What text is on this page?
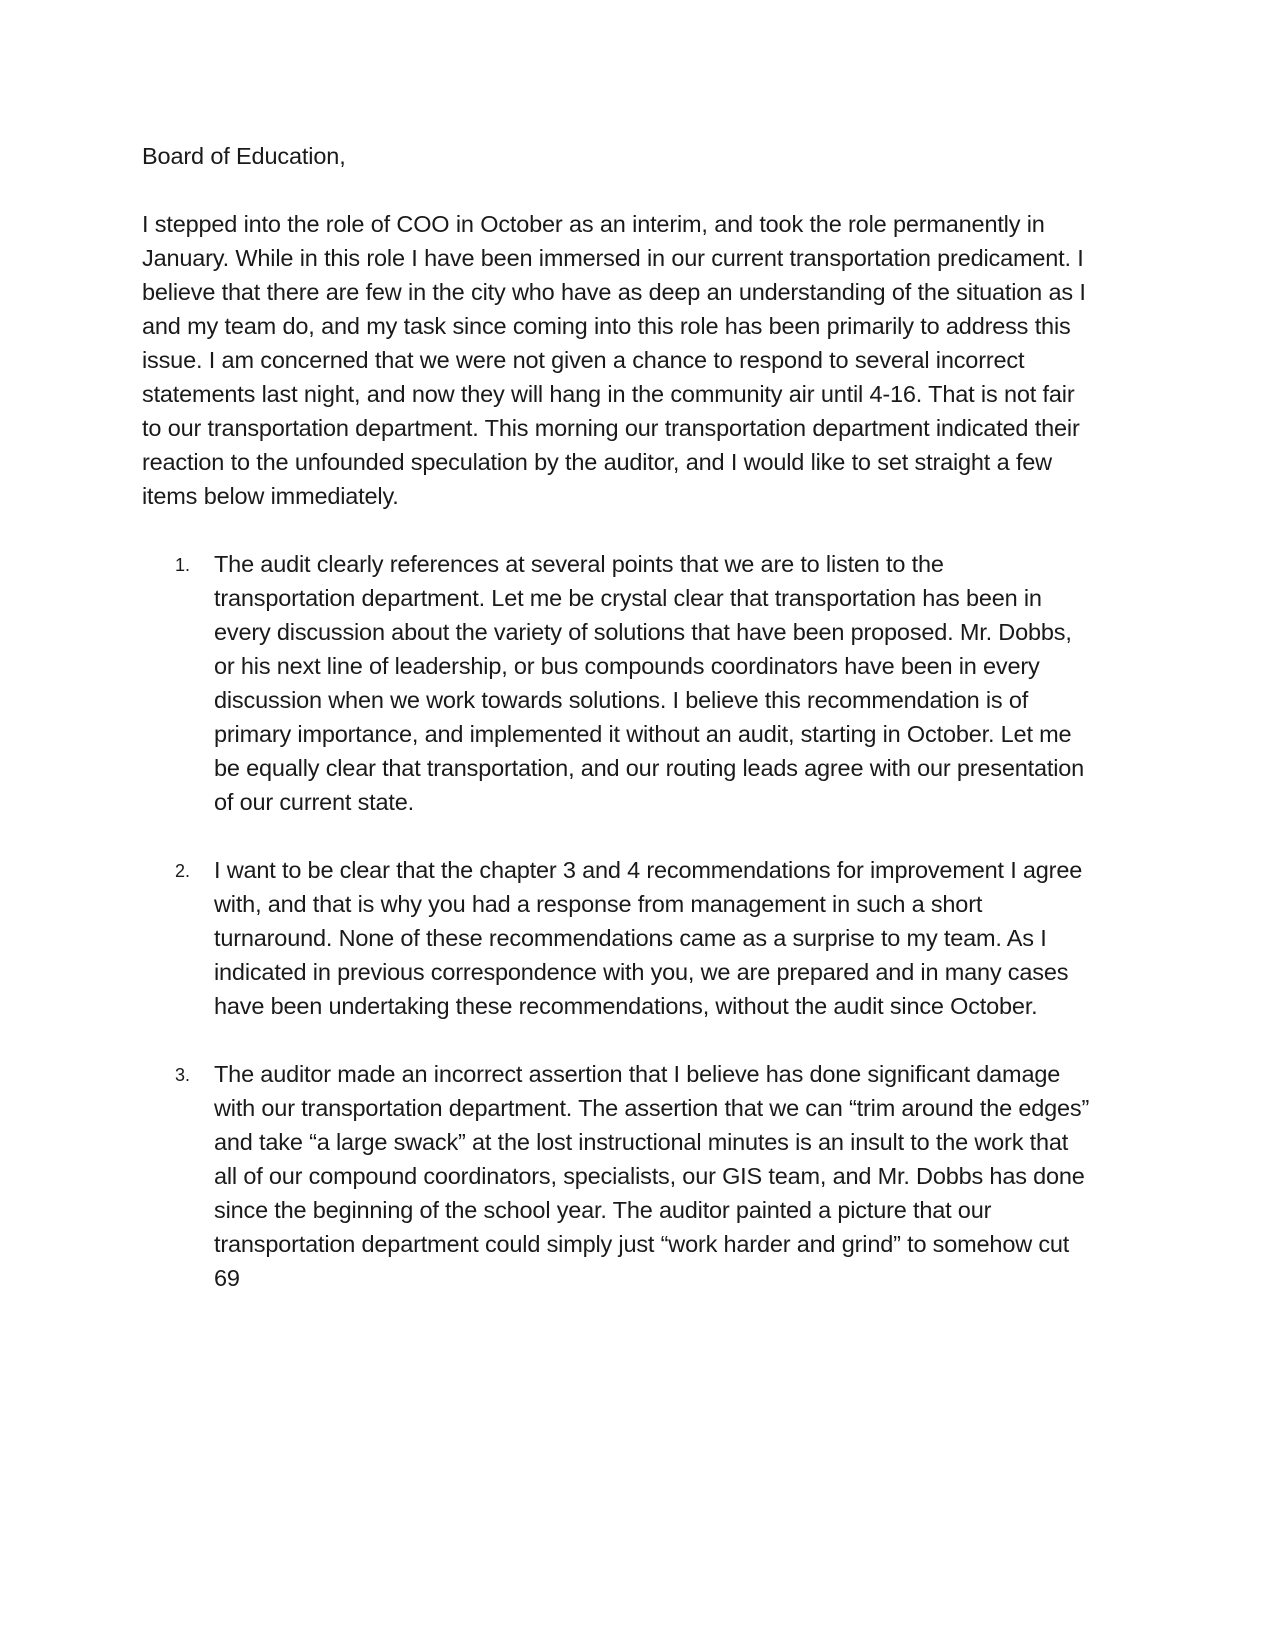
Board of Education,

I stepped into the role of COO in October as an interim, and took the role permanently in January. While in this role I have been immersed in our current transportation predicament. I believe that there are few in the city who have as deep an understanding of the situation as I and my team do, and my task since coming into this role has been primarily to address this issue. I am concerned that we were not given a chance to respond to several incorrect statements last night, and now they will hang in the community air until 4-16. That is not fair to our transportation department. This morning our transportation department indicated their reaction to the unfounded speculation by the auditor, and I would like to set straight a few items below immediately.

1.	The audit clearly references at several points that we are to listen to the transportation department. Let me be crystal clear that transportation has been in every discussion about the variety of solutions that have been proposed. Mr. Dobbs, or his next line of leadership, or bus compounds coordinators have been in every discussion when we work towards solutions. I believe this recommendation is of primary importance, and implemented it without an audit, starting in October. Let me be equally clear that transportation, and our routing leads agree with our presentation of our current state.
2.	I want to be clear that the chapter 3 and 4 recommendations for improvement I agree with, and that is why you had a response from management in such a short turnaround. None of these recommendations came as a surprise to my team. As I indicated in previous correspondence with you, we are prepared and in many cases have been undertaking these recommendations, without the audit since October.
3.	The auditor made an incorrect assertion that I believe has done significant damage with our transportation department. The assertion that we can “trim around the edges” and take “a large swack” at the lost instructional minutes is an insult to the work that all of our compound coordinators, specialists, our GIS team, and Mr. Dobbs has done since the beginning of the school year. The auditor painted a picture that our transportation department could simply just “work harder and grind” to somehow cut 69
